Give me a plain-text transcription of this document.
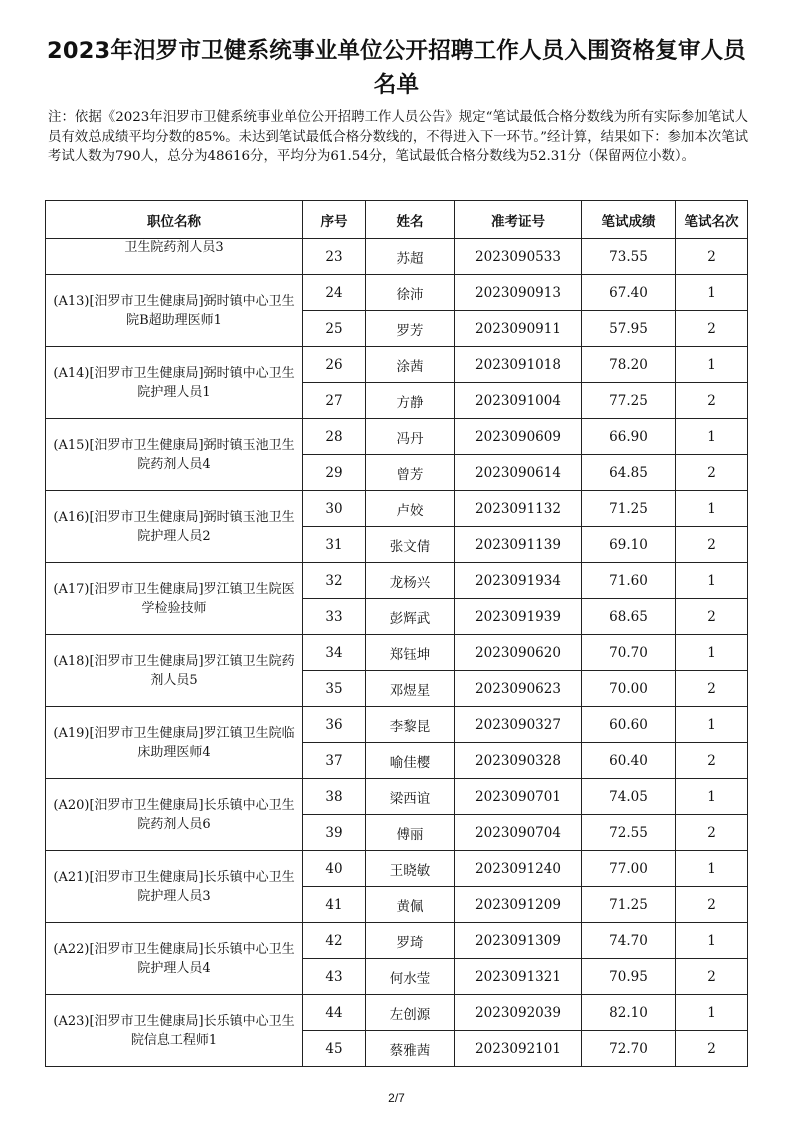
2023年汨罗市卫健系统事业单位公开招聘工作人员入围资格复审人员名单
注：依据《2023年汨罗市卫健系统事业单位公开招聘工作人员公告》规定“笔试最低合格分数线为所有实际参加笔试人员有效总成绩平均分数的85%。未达到笔试最低合格分数线的，不得进入下一环节。”经计算，结果如下：参加本次笔试考试人数为790人，总分为48616分，平均分为61.54分，笔试最低合格分数线为52.31分（保留两位小数）。
职位名称	序号	姓名	准考证号	笔试成绩	笔试名次
卫生院药剂人员3	23	苏超	2023090533	73.55	2
(A13)[汨罗市卫生健康局]弼时镇中心卫生院B超助理医师1	24	徐沛	2023090913	67.40	1
	25	罗芳	2023090911	57.95	2
(A14)[汨罗市卫生健康局]弼时镇中心卫生院护理人员1	26	涂茜	2023091018	78.20	1
	27	方静	2023091004	77.25	2
(A15)[汨罗市卫生健康局]弼时镇玉池卫生院药剂人员4	28	冯丹	2023090609	66.90	1
	29	曾芳	2023090614	64.85	2
(A16)[汨罗市卫生健康局]弼时镇玉池卫生院护理人员2	30	卢姣	2023091132	71.25	1
	31	张文倩	2023091139	69.10	2
(A17)[汨罗市卫生健康局]罗江镇卫生院医学检验技师	32	龙杨兴	2023091934	71.60	1
	33	彭辉武	2023091939	68.65	2
(A18)[汨罗市卫生健康局]罗江镇卫生院药剂人员5	34	郑钰坤	2023090620	70.70	1
	35	邓煜星	2023090623	70.00	2
(A19)[汨罗市卫生健康局]罗江镇卫生院临床助理医师4	36	李黎昆	2023090327	60.60	1
	37	喻佳樱	2023090328	60.40	2
(A20)[汨罗市卫生健康局]长乐镇中心卫生院药剂人员6	38	梁西谊	2023090701	74.05	1
	39	傅丽	2023090704	72.55	2
(A21)[汨罗市卫生健康局]长乐镇中心卫生院护理人员3	40	王晓敏	2023091240	77.00	1
	41	黄佩	2023091209	71.25	2
(A22)[汨罗市卫生健康局]长乐镇中心卫生院护理人员4	42	罗琦	2023091309	74.70	1
	43	何水莹	2023091321	70.95	2
(A23)[汨罗市卫生健康局]长乐镇中心卫生院信息工程师1	44	左创源	2023092039	82.10	1
	45	蔡雅茜	2023092101	72.70	2
2/7
